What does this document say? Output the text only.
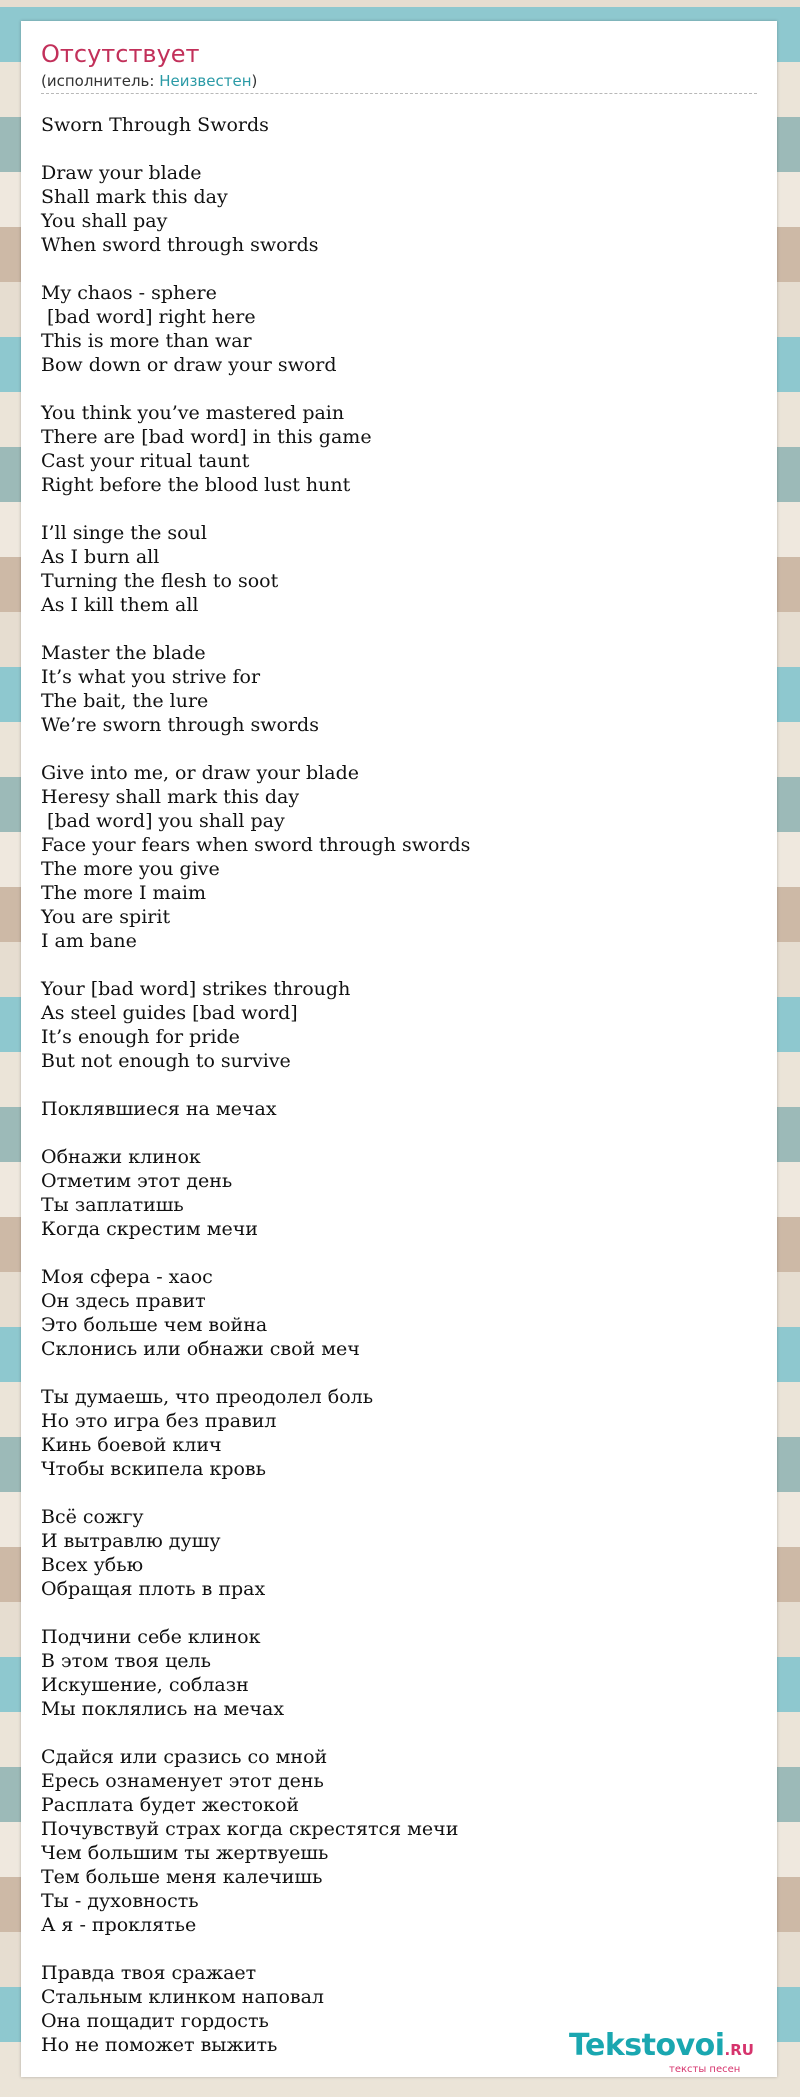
Отсутствует
(исполнитель: Неизвестен)
Sworn Through Swords
Draw your blade
Shall mark this day
You shall pay
When sword through swords
My chaos - sphere
[bad word] right here
This is more than war
Bow down or draw your sword
You think you’ve mastered pain
There are [bad word] in this game
Cast your ritual taunt
Right before the blood lust hunt
I’ll singe the soul
As I burn all
Turning the flesh to soot
As I kill them all
Master the blade
It’s what you strive for
The bait, the lure
We’re sworn through swords
Give into me, or draw your blade
Heresy shall mark this day
[bad word] you shall pay
Face your fears when sword through swords
The more you give
The more I maim
You are spirit
I am bane
Your [bad word] strikes through
As steel guides [bad word]
It’s enough for pride
But not enough to survive
Поклявшиеся на мечах
Обнажи клинок
Отметим этот день
Ты заплатишь
Когда скрестим мечи
Моя сфера - хаос
Он здесь правит
Это больше чем война
Склонись или обнажи свой меч
Ты думаешь, что преодолел боль
Но это игра без правил
Кинь боевой клич
Чтобы вскипела кровь
Всё сожгу
И вытравлю душу
Всех убью
Обращая плоть в прах
Подчини себе клинок
В этом твоя цель
Искушение, соблазн
Мы поклялись на мечах
Сдайся или сразись со мной
Ересь ознаменует этот день
Расплата будет жестокой
Почувствуй страх когда скрестятся мечи
Чем большим ты жертвуешь
Тем больше меня калечишь
Ты - духовность
А я - проклятье
Правда твоя сражает
Стальным клинком наповал
Она пощадит гордость
Но не поможет выжить	Tekstovoi.RU
тексты песен
